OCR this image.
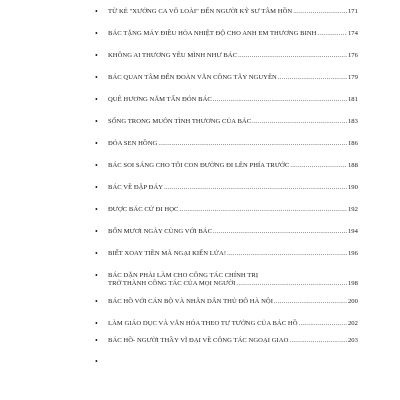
• TỪ KẺ "XƯỚNG CA VÔ LOÀI" ĐẾN NGƯỜI KỸ SƯ TÂM HỒN .....	171
• BÁC TẶNG MÁY ĐIỀU HÒA NHIỆT ĐỘ CHO ANH EM THƯƠNG BINH .....	174
• KHÔNG AI THƯƠNG YÊU MÌNH NHƯ BÁC .....	176
• BÁC QUAN TÂM ĐẾN ĐOÀN VĂN CÔNG TÂY NGUYÊN .....	179
• QUÊ HƯƠNG NĂM TẤN ĐÓN BÁC .....	181
• SỐNG TRONG MUÔN TÌNH THƯƠNG CỦA BÁC .....	183
• ĐÓA SEN HỒNG .....	186
• BÁC SOI SÁNG CHO TÔI CON ĐƯỜNG ĐI LÊN PHÍA TRƯỚC .....	188
• BÁC VỀ ĐẬP ĐÁY .....	190
• ĐƯỢC BÁC CỬ ĐI HỌC .....	192
• BỐN MƯƠI NGÀY CÙNG VỚI BÁC .....	194
• BIẾT XOAY TIỀN MÀ NGẠI KIẾN LỬA! .....	196
• BÁC DẶN PHẢI LÀM CHO CÔNG TÁC CHÍNH TRỊ
TRỞ THÀNH CÔNG TÁC CỦA MỌI NGƯỜI .....	198
• BÁC HỒ VỚI CÁN BỘ VÀ NHÂN DÂN THỦ ĐÔ HÀ NỘI .....	200
• LÀM GIÁO DỤC VÀ VĂN HÓA THEO TƯ TƯỞNG CỦA BÁC HỒ .....	202
• BÁC HỒ- NGƯỜI THẦY VĨ ĐẠI VỀ CÔNG TÁC NGOẠI GIAO .....	203
•
